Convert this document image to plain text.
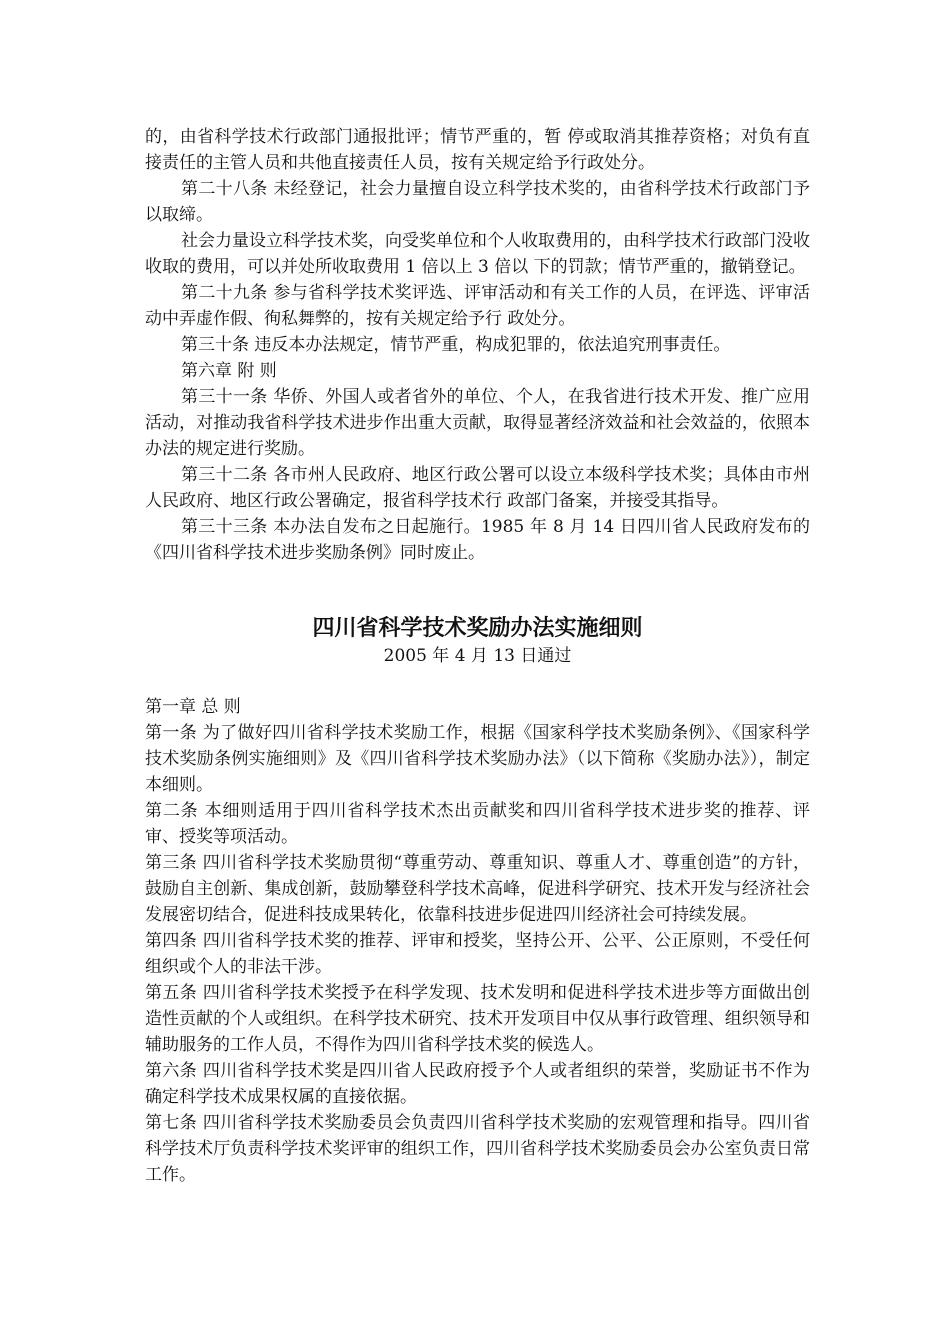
的，由省科学技术行政部门通报批评；情节严重的，暂 停或取消其推荐资格；对负有直接责任的主管人员和共他直接责任人员，按有关规定给予行政处分。

第二十八条 未经登记，社会力量擅自设立科学技术奖的，由省科学技术行政部门予以取缔。

社会力量设立科学技术奖，向受奖单位和个人收取费用的，由科学技术行政部门没收收取的费用，可以并处所收取费用 1 倍以上 3 倍以 下的罚款；情节严重的，撤销登记。

第二十九条 参与省科学技术奖评选、评审活动和有关工作的人员，在评选、评审活动中弄虚作假、徇私舞弊的，按有关规定给予行 政处分。

第三十条 违反本办法规定，情节严重，构成犯罪的，依法追究刑事责任。

第六章 附 则

第三十一条 华侨、外国人或者省外的单位、个人，在我省进行技术开发、推广应用活动，对推动我省科学技术进步作出重大贡献，取得显著经济效益和社会效益的，依照本办法的规定进行奖励。

第三十二条 各市州人民政府、地区行政公署可以设立本级科学技术奖；具体由市州人民政府、地区行政公署确定，报省科学技术行 政部门备案，并接受其指导。

第三十三条 本办法自发布之日起施行。1985 年 8 月 14 日四川省人民政府发布的《四川省科学技术进步奖励条例》同时废止。

四川省科学技术奖励办法实施细则

2005 年 4 月 13 日通过

第一章 总 则

第一条 为了做好四川省科学技术奖励工作，根据《国家科学技术奖励条例》、《国家科学技术奖励条例实施细则》及《四川省科学技术奖励办法》（以下简称《奖励办法》），制定本细则。

第二条 本细则适用于四川省科学技术杰出贡献奖和四川省科学技术进步奖的推荐、评审、授奖等项活动。

第三条 四川省科学技术奖励贯彻“尊重劳动、尊重知识、尊重人才、尊重创造”的方针，鼓励自主创新、集成创新，鼓励攀登科学技术高峰，促进科学研究、技术开发与经济社会发展密切结合，促进科技成果转化，依靠科技进步促进四川经济社会可持续发展。

第四条 四川省科学技术奖的推荐、评审和授奖，坚持公开、公平、公正原则，不受任何组织或个人的非法干涉。

第五条 四川省科学技术奖授予在科学发现、技术发明和促进科学技术进步等方面做出创造性贡献的个人或组织。在科学技术研究、技术开发项目中仅从事行政管理、组织领导和辅助服务的工作人员，不得作为四川省科学技术奖的候选人。

第六条 四川省科学技术奖是四川省人民政府授予个人或者组织的荣誉，奖励证书不作为确定科学技术成果权属的直接依据。

第七条 四川省科学技术奖励委员会负责四川省科学技术奖励的宏观管理和指导。四川省科学技术厅负责科学技术奖评审的组织工作，四川省科学技术奖励委员会办公室负责日常工作。
